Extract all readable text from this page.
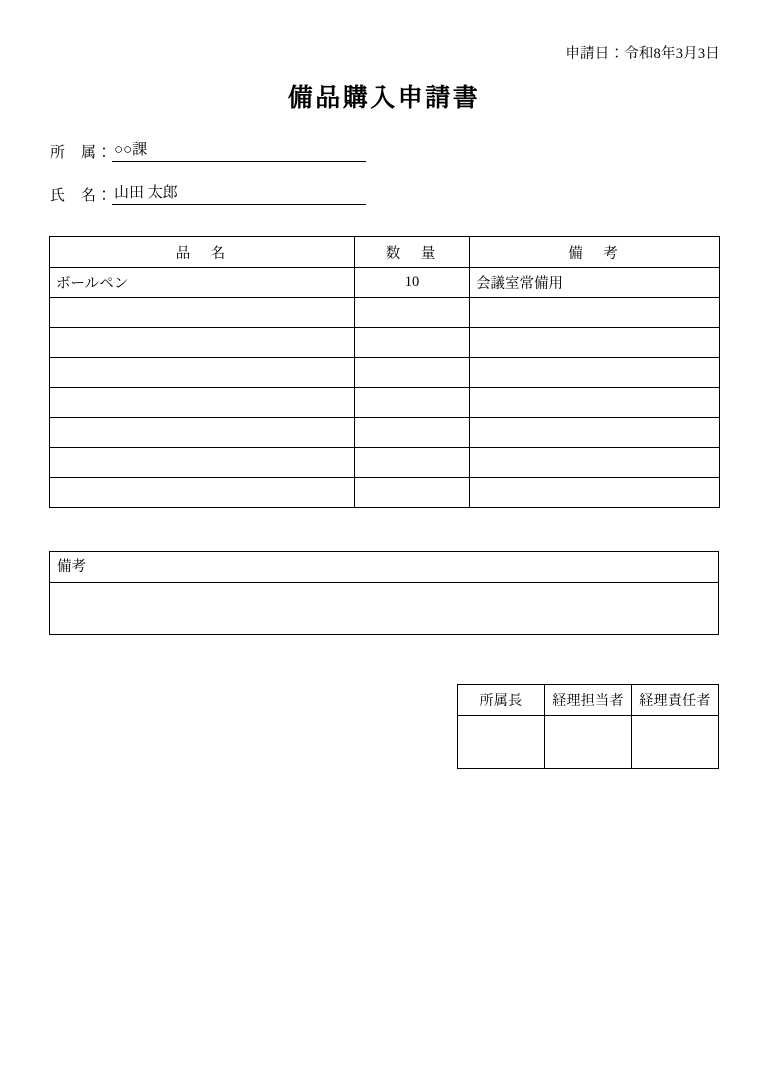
申請日：令和8年3月3日
備品購入申請書
所　属： ○○課
氏　名： 山田 太郎
品　名	数　量	備　考
ボールペン	10	会議室常備用

備考
所属長	経理担当者	経理責任者
